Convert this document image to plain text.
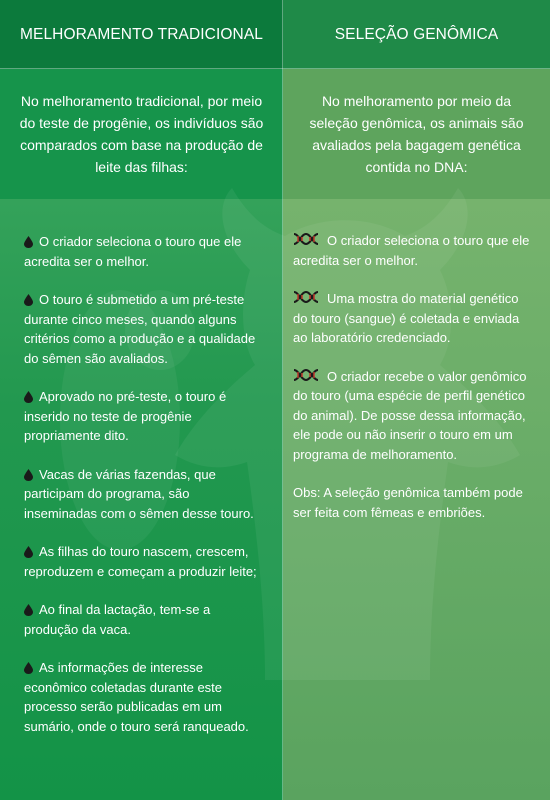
MELHORAMENTO TRADICIONAL
No melhoramento tradicional, por meio do teste de progênie, os indivíduos são comparados com base na produção de leite das filhas:
SELEÇÃO GENÔMICA
No melhoramento por meio da seleção genômica, os animais são avaliados pela bagagem genética contida no DNA:

O criador seleciona o touro que ele acredita ser o melhor.

O touro é submetido a um pré-teste durante cinco meses, quando alguns critérios como a produção e a qualidade do sêmen são avaliados.

Aprovado no pré-teste, o touro é inserido no teste de progênie propriamente dito.

Vacas de várias fazendas, que participam do programa, são inseminadas com o sêmen desse touro.

As filhas do touro nascem, crescem, reproduzem e começam a produzir leite;

Ao final da lactação, tem-se a produção da vaca.

As informações de interesse econômico coletadas durante este processo serão publicadas em um sumário, onde o touro será ranqueado.

O criador seleciona o touro que ele acredita ser o melhor.

Uma mostra do material genético do touro (sangue) é coletada e enviada ao laboratório credenciado.

O criador recebe o valor genômico do touro (uma espécie de perfil genético do animal). De posse dessa informação, ele pode ou não inserir o touro em um programa de melhoramento.

Obs: A seleção genômica também pode ser feita com fêmeas e embriões.
